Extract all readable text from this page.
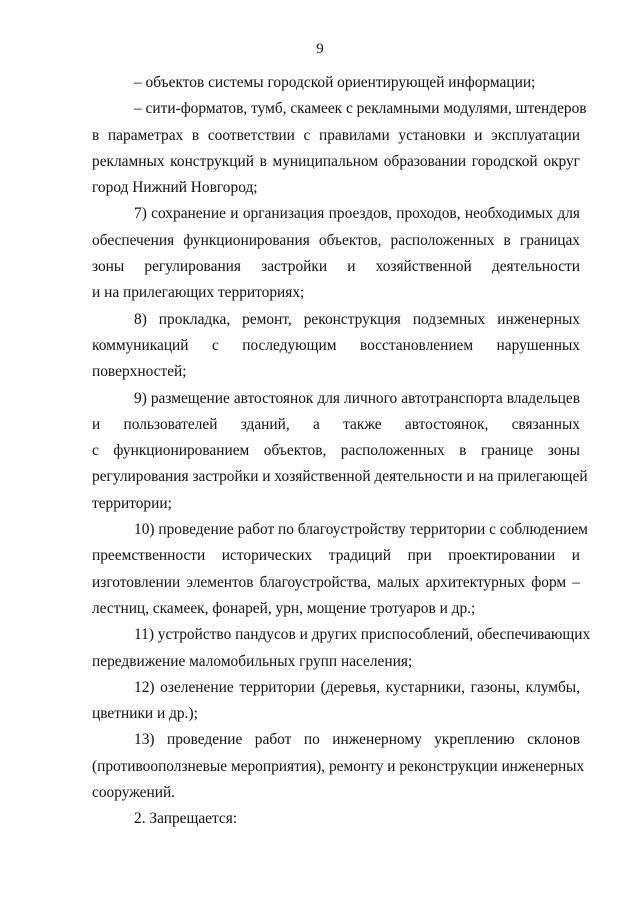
9
– объектов системы городской ориентирующей информации;
– сити-форматов, тумб, скамеек с рекламными модулями, штендеров
в параметрах в соответствии с правилами установки и эксплуатации
рекламных конструкций в муниципальном образовании городской округ
город Нижний Новгород;
7) сохранение и организация проездов, проходов, необходимых для
обеспечения функционирования объектов, расположенных в границах
зоны регулирования застройки и хозяйственной деятельности
и на прилегающих территориях;
8) прокладка, ремонт, реконструкция подземных инженерных
коммуникаций с последующим восстановлением нарушенных
поверхностей;
9) размещение автостоянок для личного автотранспорта владельцев
и пользователей зданий, а также автостоянок, связанных
с функционированием объектов, расположенных в границе зоны
регулирования застройки и хозяйственной деятельности и на прилегающей
территории;
10) проведение работ по благоустройству территории с соблюдением
преемственности исторических традиций при проектировании и
изготовлении элементов благоустройства, малых архитектурных форм –
лестниц, скамеек, фонарей, урн, мощение тротуаров и др.;
11) устройство пандусов и других приспособлений, обеспечивающих
передвижение маломобильных групп населения;
12) озеленение территории (деревья, кустарники, газоны, клумбы,
цветники и др.);
13) проведение работ по инженерному укреплению склонов
(противооползневые мероприятия), ремонту и реконструкции инженерных
сооружений.
2. Запрещается:
